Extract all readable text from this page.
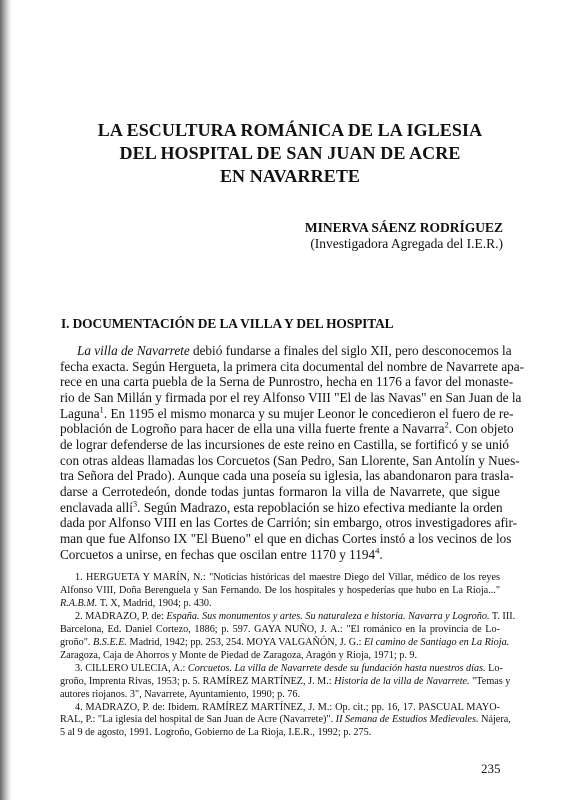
LA ESCULTURA ROMÁNICA DE LA IGLESIA
DEL HOSPITAL DE SAN JUAN DE ACRE
EN NAVARRETE
MINERVA SÁENZ RODRÍGUEZ
(Investigadora Agregada del I.E.R.)
I. DOCUMENTACIÓN DE LA VILLA Y DEL HOSPITAL
La villa de Navarrete debió fundarse a finales del siglo XII, pero desconocemos la
fecha exacta. Según Hergueta, la primera cita documental del nombre de Navarrete apa-
rece en una carta puebla de la Serna de Punrostro, hecha en 1176 a favor del monaste-
rio de San Millán y firmada por el rey Alfonso VIII "El de las Navas" en San Juan de la
Laguna$^1$. En 1195 el mismo monarca y su mujer Leonor le concedieron el fuero de re-
población de Logroño para hacer de ella una villa fuerte frente a Navarra$^2$. Con objeto
de lograr defenderse de las incursiones de este reino en Castilla, se fortificó y se unió
con otras aldeas llamadas los Corcuetos (San Pedro, San Llorente, San Antolín y Nues-
tra Señora del Prado). Aunque cada una poseía su iglesia, las abandonaron para trasla-
darse a Cerrotedeón, donde todas juntas formaron la villa de Navarrete, que sigue
enclavada allí$^3$. Según Madrazo, esta repoblación se hizo efectiva mediante la orden
dada por Alfonso VIII en las Cortes de Carrión; sin embargo, otros investigadores afir-
man que fue Alfonso IX "El Bueno" el que en dichas Cortes instó a los vecinos de los
Corcuetos a unirse, en fechas que oscilan entre 1170 y 1194$^4$.
1. HERGUETA Y MARÍN, N.: "Noticias históricas del maestre Diego del Villar, médico de los reyes
Alfonso VIII, Doña Berenguela y San Fernando. De los hospitales y hospederías que hubo en La Rioja..."
R.A.B.M. T. X, Madrid, 1904; p. 430.
2. MADRAZO, P. de: España. Sus monumentos y artes. Su naturaleza e historia. Navarra y Logroño. T. III.
Barcelona, Ed. Daniel Cortezo, 1886; p. 597. GAYA NUÑO, J. A.: "El románico en la provincia de Lo-
groño". B.S.E.E. Madrid, 1942; pp. 253, 254. MOYA VALGAÑÓN, J. G.: El camino de Santiago en La Rioja.
Zaragoza, Caja de Ahorros y Monte de Piedad de Zaragoza, Aragón y Rioja, 1971; p. 9.
3. CILLERO ULECIA, A.: Corcuetos. La villa de Navarrete desde su fundación hasta nuestros días. Lo-
groño, Imprenta Rivas, 1953; p. 5. RAMÍREZ MARTÍNEZ, J. M.: Historia de la villa de Navarrete. "Temas y
autores riojanos. 3", Navarrete, Ayuntamiento, 1990; p. 76.
4. MADRAZO, P. de: Ibidem. RAMÍREZ MARTÍNEZ, J. M.: Op. cit.; pp. 16, 17. PASCUAL MAYO-
RAL, P.: "La iglesia del hospital de San Juan de Acre (Navarrete)". II Semana de Estudios Medievales. Nájera,
5 al 9 de agosto, 1991. Logroño, Gobierno de La Rioja, I.E.R., 1992; p. 275.
235
